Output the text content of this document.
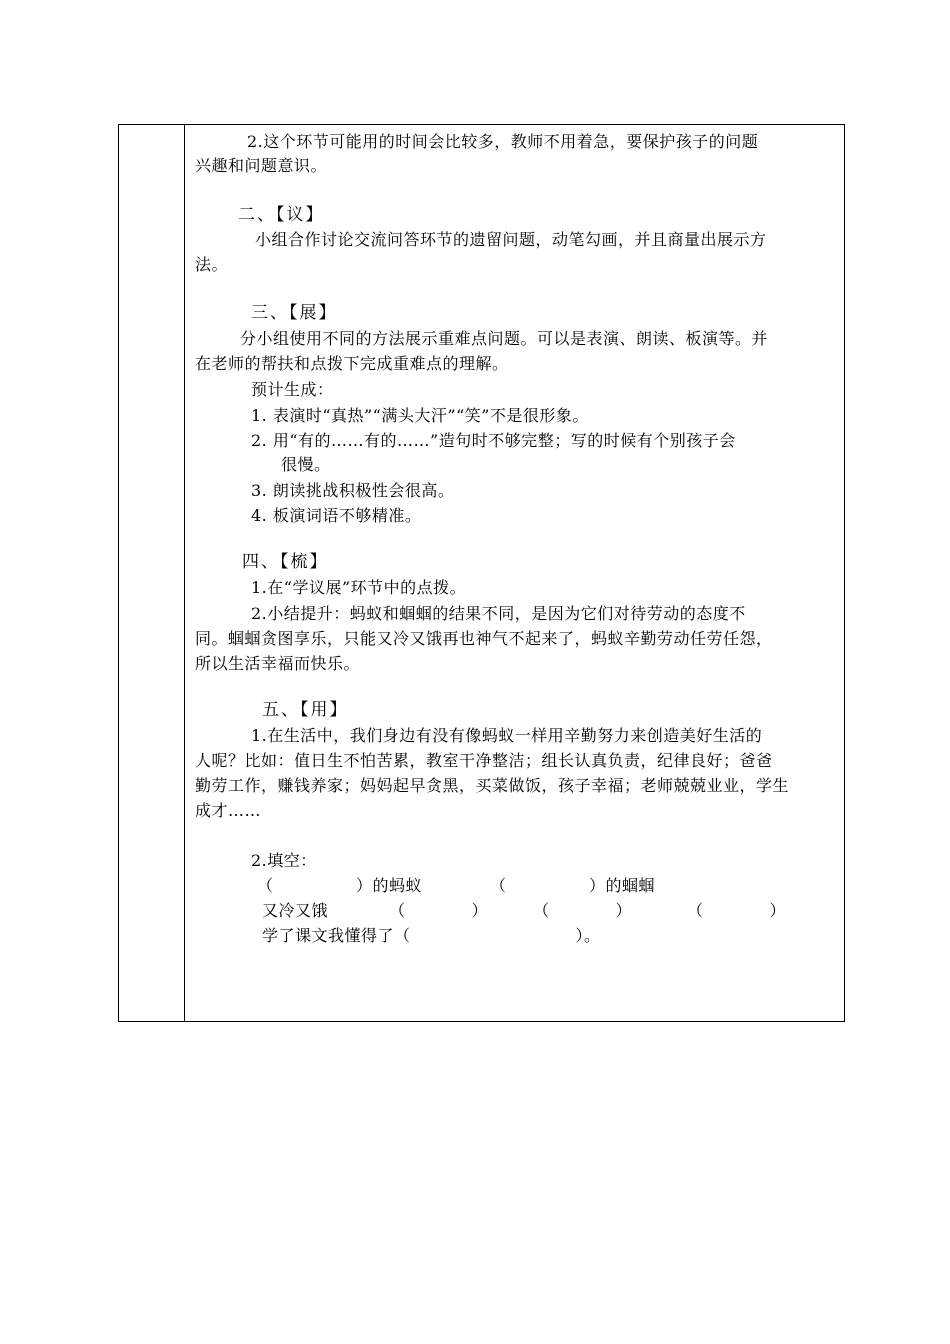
2.这个环节可能用的时间会比较多，教师不用着急，要保护孩子的问题
兴趣和问题意识。
二、【议】
小组合作讨论交流问答环节的遗留问题，动笔勾画，并且商量出展示方
法。
三、【展】
分小组使用不同的方法展示重难点问题。可以是表演、朗读、板演等。并
在老师的帮扶和点拨下完成重难点的理解。
预计生成：
1. 表演时“真热”“满头大汗”“笑”不是很形象。
2. 用“有的……有的……”造句时不够完整；写的时候有个别孩子会
很慢。
3. 朗读挑战积极性会很高。
4. 板演词语不够精准。
四、【梳】
1.在“学议展”环节中的点拨。
2.小结提升：蚂蚁和蝈蝈的结果不同，是因为它们对待劳动的态度不
同。蝈蝈贪图享乐，只能又冷又饿再也神气不起来了，蚂蚁辛勤劳动任劳任怨，
所以生活幸福而快乐。
五、【用】
1.在生活中，我们身边有没有像蚂蚁一样用辛勤努力来创造美好生活的
人呢？比如：值日生不怕苦累，教室干净整洁；组长认真负责，纪律良好；爸爸
勤劳工作，赚钱养家；妈妈起早贪黑，买菜做饭，孩子幸福；老师兢兢业业，学生
成才……
2.填空：
（　　　　　）的蚂蚁	（　　　　　）的蝈蝈
又冷又饿	（　　　　）	（　　　　）	（　　　　）
学了课文我懂得了（　　　　　　　　　　）。
